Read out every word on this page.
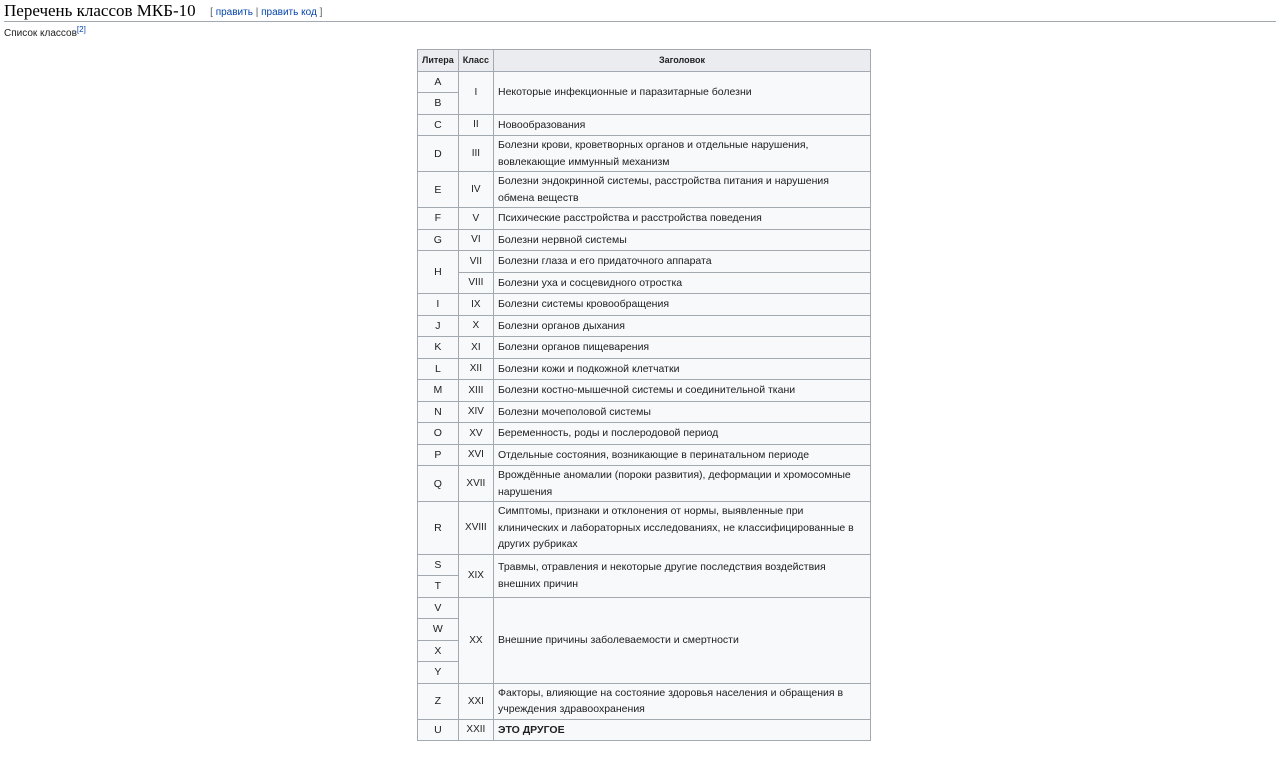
Перечень классов МКБ-10 [ править | править код ]
Список классов[2]
Литера	Класс	Заголовок
A	I	Некоторые инфекционные и паразитарные болезни
B		
C	II	Новообразования
D	III	Болезни крови, кроветворных органов и отдельные нарушения, вовлекающие иммунный механизм
E	IV	Болезни эндокринной системы, расстройства питания и нарушения обмена веществ
F	V	Психические расстройства и расстройства поведения
G	VI	Болезни нервной системы
H	VII	Болезни глаза и его придаточного аппарата
	VIII	Болезни уха и сосцевидного отростка
I	IX	Болезни системы кровообращения
J	X	Болезни органов дыхания
K	XI	Болезни органов пищеварения
L	XII	Болезни кожи и подкожной клетчатки
M	XIII	Болезни костно-мышечной системы и соединительной ткани
N	XIV	Болезни мочеполовой системы
O	XV	Беременность, роды и послеродовой период
P	XVI	Отдельные состояния, возникающие в перинатальном периоде
Q	XVII	Врождённые аномалии (пороки развития), деформации и хромосомные нарушения
R	XVIII	Симптомы, признаки и отклонения от нормы, выявленные при клинических и лабораторных исследованиях, не классифицированные в других рубриках
S	XIX	Травмы, отравления и некоторые другие последствия воздействия внешних причин
T		
V	XX	Внешние причины заболеваемости и смертности
W		
X		
Y		
Z	XXI	Факторы, влияющие на состояние здоровья населения и обращения в учреждения здравоохранения
U	XXII	ЭТО ДРУГОЕ
